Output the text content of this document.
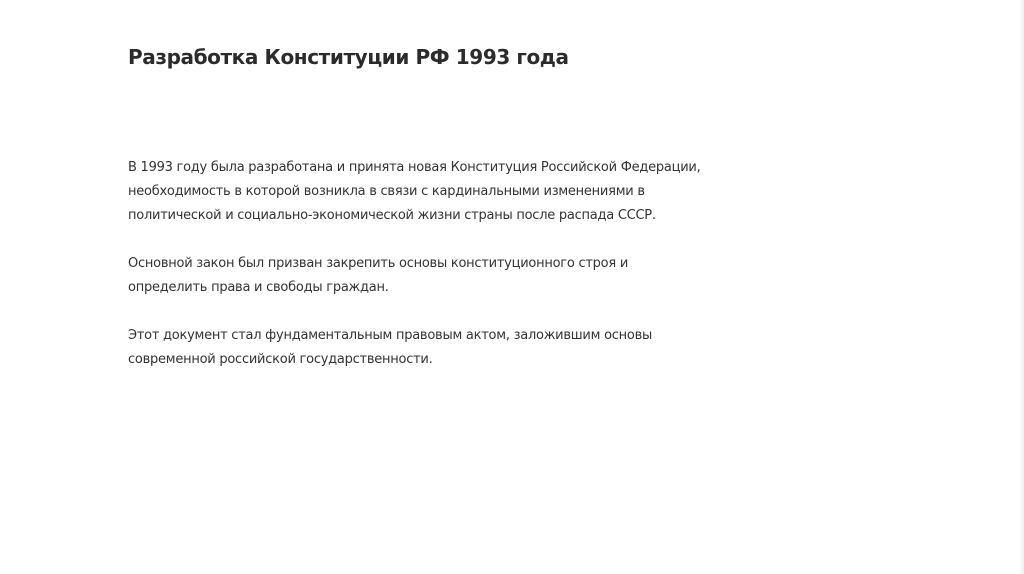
Разработка Конституции РФ 1993 года

В 1993 году была разработана и принята новая Конституция Российской Федерации,
необходимость в которой возникла в связи с кардинальными изменениями в
политической и социально-экономической жизни страны после распада СССР.

Основной закон был призван закрепить основы конституционного строя и
определить права и свободы граждан.

Этот документ стал фундаментальным правовым актом, заложившим основы
современной российской государственности.
